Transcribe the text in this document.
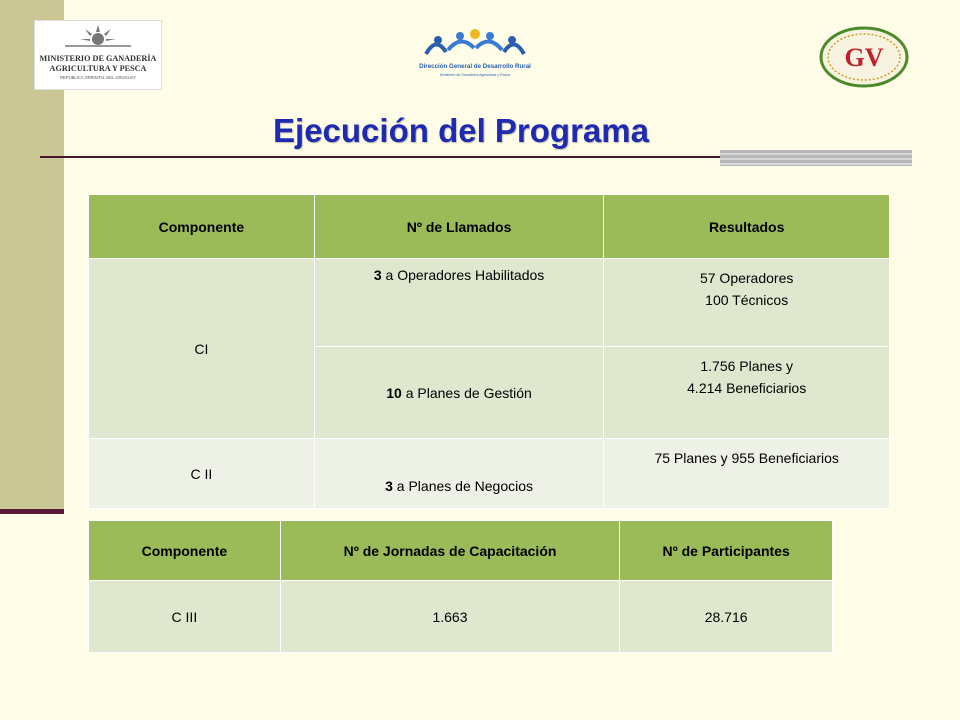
MINISTERIO DE GANADERÍA
AGRICULTURA Y PESCA
REPUBLICA ORIENTAL DEL URUGUAY
Dirección General de Desarrollo Rural
Ministerio de Ganadería Agricultura y Pesca
GV
Ejecución del Programa
Componente	Nº de Llamados	Resultados
CI	3 a Operadores Habilitados	57 Operadores
100 Técnicos

	10 a Planes de Gestión	1.756 Planes y
4.214 Beneficiarios

C II	3 a Planes de Negocios	75 Planes y 955 Beneficiarios
Componente	Nº de Jornadas de Capacitación	Nº de Participantes
C III	1.663	28.716
